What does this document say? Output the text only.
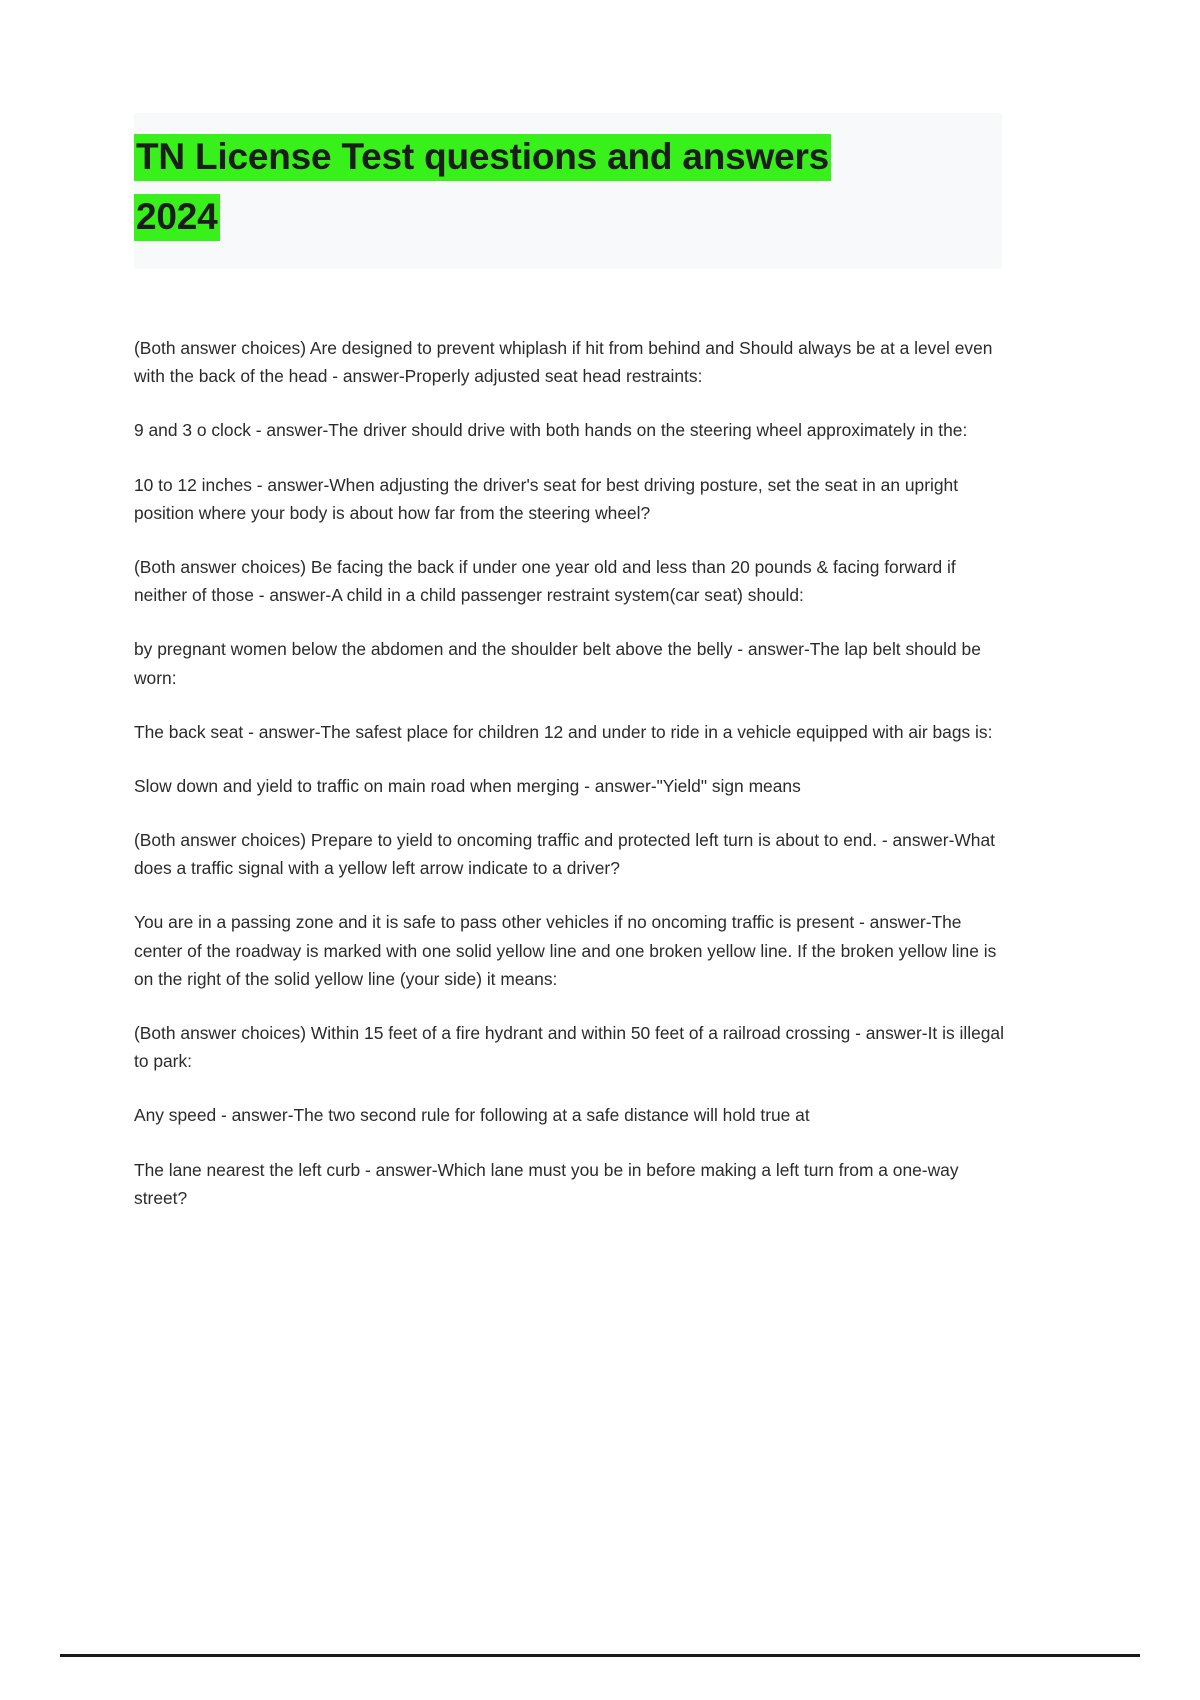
TN License Test questions and answers
2024

(Both answer choices) Are designed to prevent whiplash if hit from behind and Should always be at a level even with the back of the head - answer-Properly adjusted seat head restraints:

9 and 3 o clock - answer-The driver should drive with both hands on the steering wheel approximately in the:

10 to 12 inches - answer-When adjusting the driver's seat for best driving posture, set the seat in an upright position where your body is about how far from the steering wheel?

(Both answer choices) Be facing the back if under one year old and less than 20 pounds & facing forward if neither of those - answer-A child in a child passenger restraint system(car seat) should:

by pregnant women below the abdomen and the shoulder belt above the belly - answer-The lap belt should be worn:

The back seat - answer-The safest place for children 12 and under to ride in a vehicle equipped with air bags is:

Slow down and yield to traffic on main road when merging - answer-"Yield" sign means

(Both answer choices) Prepare to yield to oncoming traffic and protected left turn is about to end. - answer-What does a traffic signal with a yellow left arrow indicate to a driver?

You are in a passing zone and it is safe to pass other vehicles if no oncoming traffic is present - answer-The center of the roadway is marked with one solid yellow line and one broken yellow line. If the broken yellow line is on the right of the solid yellow line (your side) it means:

(Both answer choices) Within 15 feet of a fire hydrant and within 50 feet of a railroad crossing - answer-It is illegal to park:

Any speed - answer-The two second rule for following at a safe distance will hold true at

The lane nearest the left curb - answer-Which lane must you be in before making a left turn from a one-way street?
